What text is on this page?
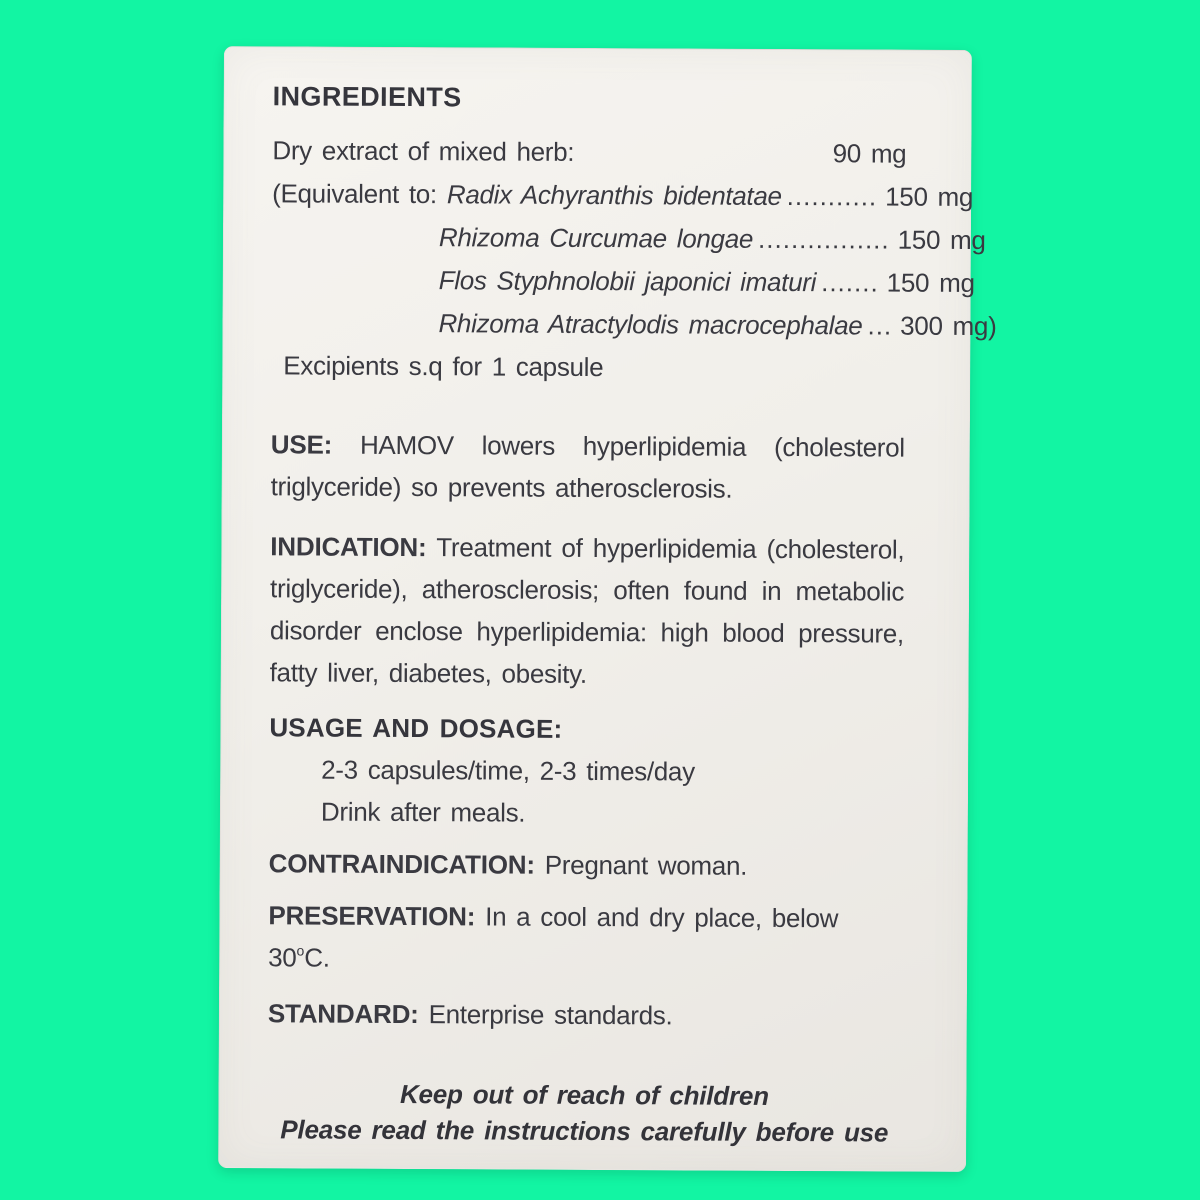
INGREDIENTS
Dry extract of mixed herb:	90 mg
(Equivalent to: Radix Achyranthis bidentatae ........... 150 mg
Rhizoma Curcumae longae ................ 150 mg
Flos Styphnolobii japonici imaturi ....... 150 mg
Rhizoma Atractylodis macrocephalae ... 300 mg)
Excipients s.q for 1 capsule

USE: HAMOV lowers hyperlipidemia (cholesterol triglyceride) so prevents atherosclerosis.

INDICATION: Treatment of hyperlipidemia (cholesterol, triglyceride), atherosclerosis; often found in metabolic disorder enclose hyperlipidemia: high blood pressure, fatty liver, diabetes, obesity.

USAGE AND DOSAGE:
2-3 capsules/time, 2-3 times/day
Drink after meals.

CONTRAINDICATION: Pregnant woman.

PRESERVATION: In a cool and dry place, below 30$^o$C.

STANDARD: Enterprise standards.

Keep out of reach of children
Please read the instructions carefully before use
